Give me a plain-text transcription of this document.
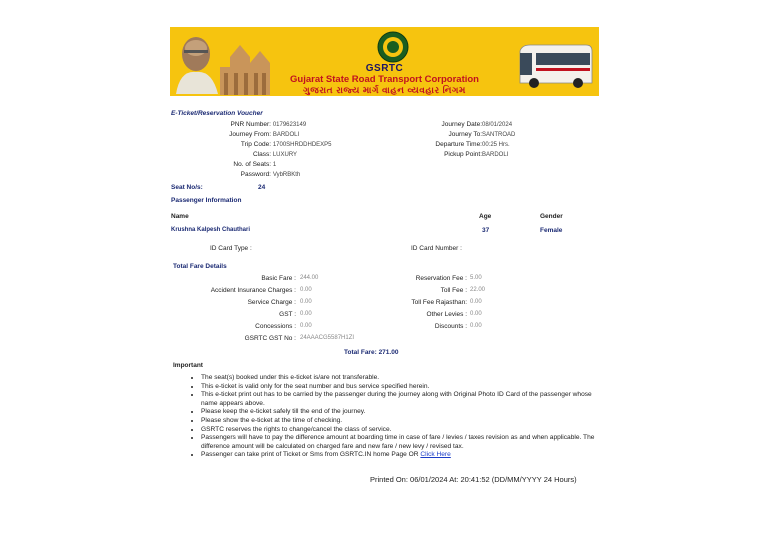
GSRTC
Gujarat State Road Transport Corporation
ગુજરાત રાજ્ય માર્ગ વાહન વ્યવહાર નિગમ
E-Ticket/Reservation Voucher
PNR Number: 0179623149
Journey From: BARDOLI
Trip Code: 1700SHRDDHDEXP5
Class: LUXURY
No. of Seats: 1
Password: VybRBKth
Journey Date:08/01/2024
Journey To:SANTROAD
Departure Time:00:25 Hrs.
Pickup Point:BARDOLI
Seat No/s:	24
Passenger Information
Name	Age	Gender
Krushna Kalpesh Chauthari	37	Female
ID Card Type :	ID Card Number :
Total Fare Details
Basic Fare : 244.00
Accident Insurance Charges : 0.00
Service Charge : 0.00
GST : 0.00
Concessions : 0.00
GSRTC GST No : 24AAACG5587H1ZI
Reservation Fee : 5.00
Toll Fee : 22.00
Toll Fee Rajasthan: 0.00
Other Levies : 0.00
Discounts : 0.00
Total Fare: 271.00
Important
• The seat(s) booked under this e-ticket is/are not transferable.
• This e-ticket is valid only for the seat number and bus service specified herein.
• This e-ticket print out has to be carried by the passenger during the journey along with Original Photo ID Card of the passenger whose name appears above.
• Please keep the e-ticket safely till the end of the journey.
• Please show the e-ticket at the time of checking.
• GSRTC reserves the rights to change/cancel the class of service.
• Passengers will have to pay the difference amount at boarding time in case of fare / levies / taxes revision as and when applicable. The difference amount will be calculated on charged fare and new fare / new levy / revised tax.
• Passenger can take print of Ticket or Sms from GSRTC.IN home Page OR Click Here
Printed On: 06/01/2024 At: 20:41:52 (DD/MM/YYYY 24 Hours)
